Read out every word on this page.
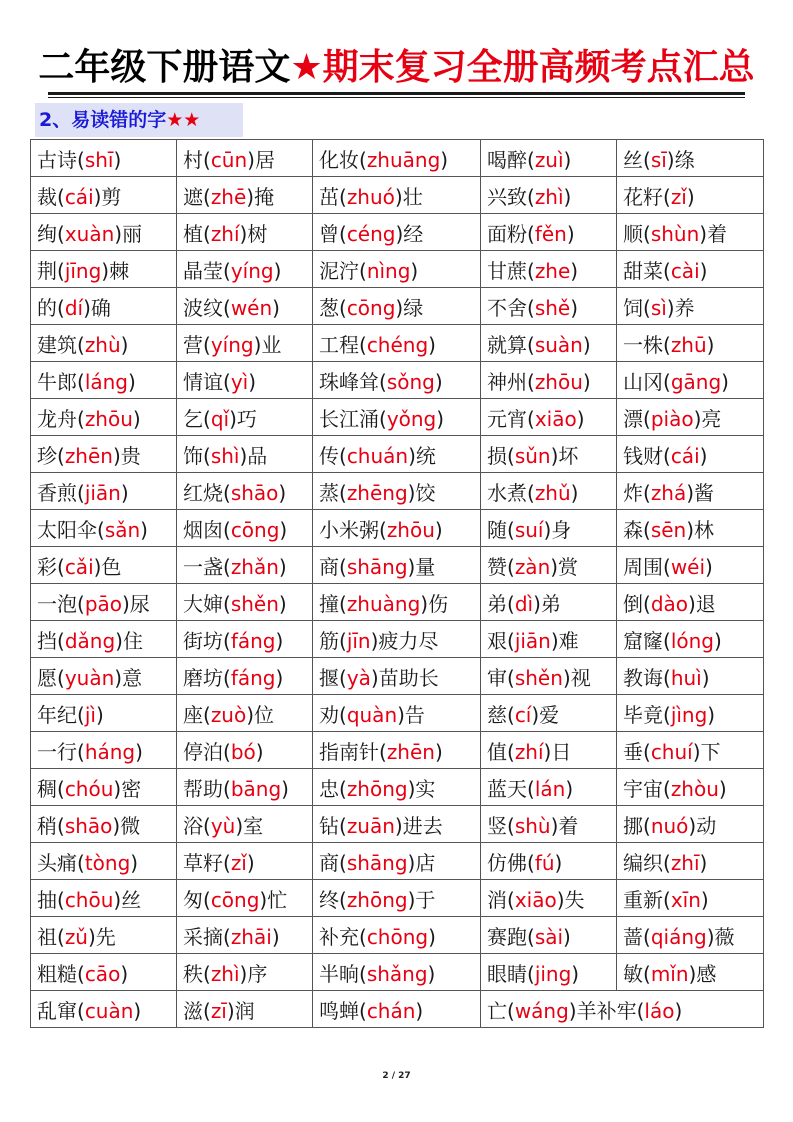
二年级下册语文★期末复习全册高频考点汇总
2、易读错的字★★
古诗(shī)	村(cūn)居	化妆(zhuāng)	喝醉(zuì)	丝(sī)绦
裁(cái)剪	遮(zhē)掩	茁(zhuó)壮	兴致(zhì)	花籽(zǐ)
绚(xuàn)丽	植(zhí)树	曾(céng)经	面粉(fěn)	顺(shùn)着
荆(jīng)棘	晶莹(yíng)	泥泞(nìng)	甘蔗(zhe)	甜菜(cài)
的(dí)确	波纹(wén)	葱(cōng)绿	不舍(shě)	饲(sì)养
建筑(zhù)	营(yíng)业	工程(chéng)	就算(suàn)	一株(zhū)
牛郎(láng)	情谊(yì)	珠峰耸(sǒng)	神州(zhōu)	山冈(gāng)
龙舟(zhōu)	乞(qǐ)巧	长江涌(yǒng)	元宵(xiāo)	漂(piào)亮
珍(zhēn)贵	饰(shì)品	传(chuán)统	损(sǔn)坏	钱财(cái)
香煎(jiān)	红烧(shāo)	蒸(zhēng)饺	水煮(zhǔ)	炸(zhá)酱
太阳伞(sǎn)	烟囱(cōng)	小米粥(zhōu)	随(suí)身	森(sēn)林
彩(cǎi)色	一盏(zhǎn)	商(shāng)量	赞(zàn)赏	周围(wéi)
一泡(pāo)尿	大婶(shěn)	撞(zhuàng)伤	弟(dì)弟	倒(dào)退
挡(dǎng)住	街坊(fáng)	筋(jīn)疲力尽	艰(jiān)难	窟窿(lóng)
愿(yuàn)意	磨坊(fáng)	揠(yà)苗助长	审(shěn)视	教诲(huì)
年纪(jì)	座(zuò)位	劝(quàn)告	慈(cí)爱	毕竟(jìng)
一行(háng)	停泊(bó)	指南针(zhēn)	值(zhí)日	垂(chuí)下
稠(chóu)密	帮助(bāng)	忠(zhōng)实	蓝天(lán)	宇宙(zhòu)
稍(shāo)微	浴(yù)室	钻(zuān)进去	竖(shù)着	挪(nuó)动
头痛(tòng)	草籽(zǐ)	商(shāng)店	仿佛(fú)	编织(zhī)
抽(chōu)丝	匆(cōng)忙	终(zhōng)于	消(xiāo)失	重新(xīn)
祖(zǔ)先	采摘(zhāi)	补充(chōng)	赛跑(sài)	蔷(qiáng)薇
粗糙(cāo)	秩(zhì)序	半晌(shǎng)	眼睛(jing)	敏(mǐn)感
乱窜(cuàn)	滋(zī)润	鸣蝉(chán)	亡(wáng)羊补牢(láo)	
2 / 27
